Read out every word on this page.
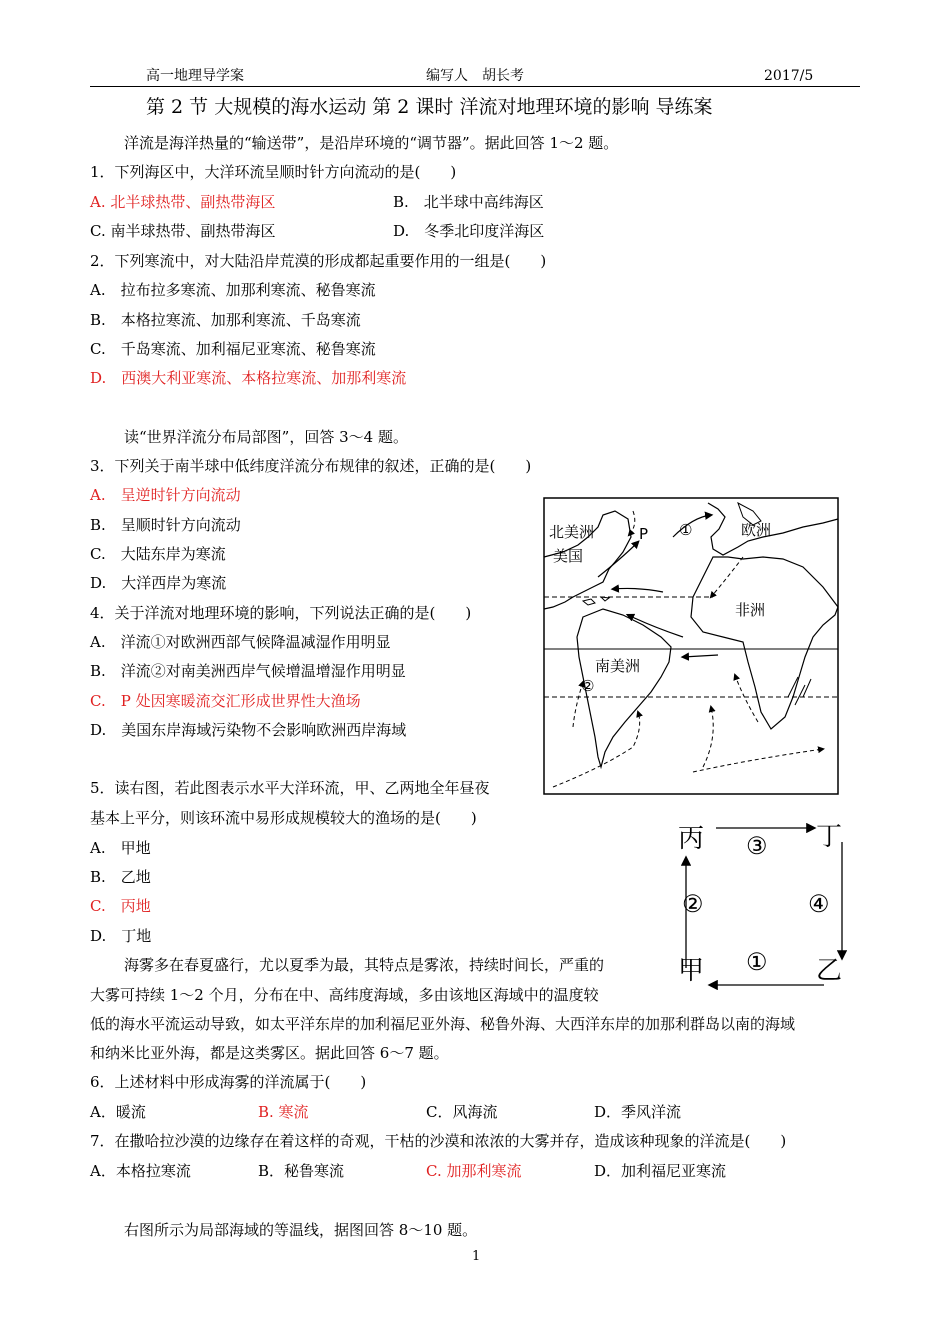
高一地理导学案	编写人　胡长考	2017/5
第 2 节 大规模的海水运动 第 2 课时 洋流对地理环境的影响 导练案
洋流是海洋热量的“输送带”，是沿岸环境的“调节器”。据此回答 1～2 题。
1．下列海区中，大洋环流呈顺时针方向流动的是(　　)
A. 北半球热带、副热带海区	B.　北半球中高纬海区
C. 南半球热带、副热带海区	D.　冬季北印度洋海区
2．下列寒流中，对大陆沿岸荒漠的形成都起重要作用的一组是(　　)
A.　拉布拉多寒流、加那利寒流、秘鲁寒流
B.　本格拉寒流、加那利寒流、千岛寒流
C.　千岛寒流、加利福尼亚寒流、秘鲁寒流
D.　西澳大利亚寒流、本格拉寒流、加那利寒流
读“世界洋流分布局部图”，回答 3～4 题。
3．下列关于南半球中低纬度洋流分布规律的叙述，正确的是(　　)
A.　呈逆时针方向流动
B.　呈顺时针方向流动
C.　大陆东岸为寒流
D.　大洋西岸为寒流
4．关于洋流对地理环境的影响，下列说法正确的是(　　)
A.　洋流①对欧洲西部气候降温减湿作用明显
B.　洋流②对南美洲西岸气候增温增湿作用明显
C.　P 处因寒暖流交汇形成世界性大渔场
D.　美国东岸海域污染物不会影响欧洲西岸海域
北美洲
美国
P ①	欧洲
非洲
南美洲
②
5．读右图，若此图表示水平大洋环流，甲、乙两地全年昼夜
基本上平分，则该环流中易形成规模较大的渔场的是(　　)
A.　甲地
B.　乙地
C.　丙地
D.　丁地
丙	丁
甲	乙
③
②	④
①
海雾多在春夏盛行，尤以夏季为最，其特点是雾浓，持续时间长，严重的
大雾可持续 1～2 个月，分布在中、高纬度海域，多由该地区海域中的温度较
低的海水平流运动导致，如太平洋东岸的加利福尼亚外海、秘鲁外海、大西洋东岸的加那利群岛以南的海域
和纳米比亚外海，都是这类雾区。据此回答 6～7 题。
6．上述材料中形成海雾的洋流属于(　　)
A．暖流	B. 寒流	C．风海流	D．季风洋流
7．在撒哈拉沙漠的边缘存在着这样的奇观，干枯的沙漠和浓浓的大雾并存，造成该种现象的洋流是(　　)
A．本格拉寒流	B．秘鲁寒流	C. 加那利寒流	D．加利福尼亚寒流
右图所示为局部海域的等温线，据图回答 8～10 题。
1
